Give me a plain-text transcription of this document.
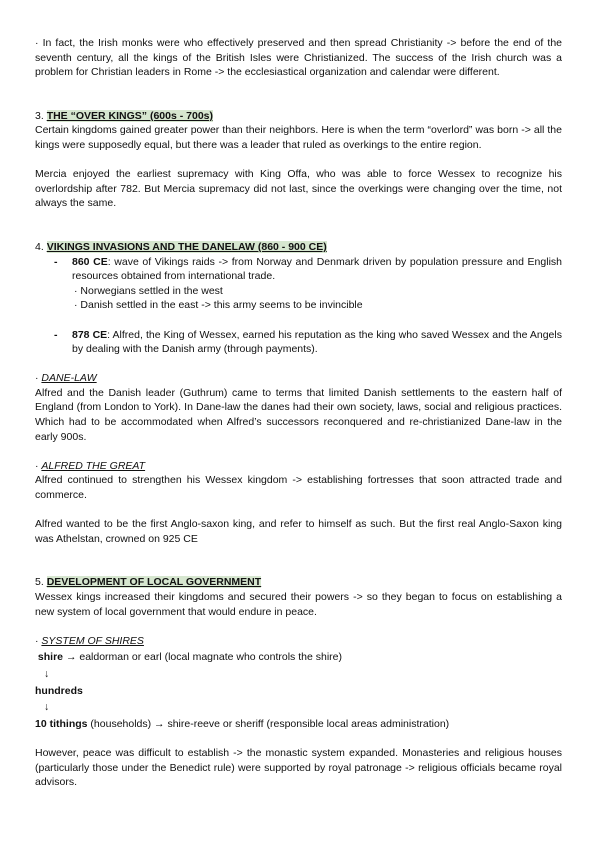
· In fact, the Irish monks were who effectively preserved and then spread Christianity -> before the end of the seventh century, all the kings of the British Isles were Christianized. The success of the Irish church was a problem for Christian leaders in Rome -> the ecclesiastical organization and calendar were different.

3. THE “OVER KINGS” (600s - 700s)

Certain kingdoms gained greater power than their neighbors. Here is when the term “overlord” was born -> all the kings were supposedly equal, but there was a leader that ruled as overkings to the entire region.

Mercia enjoyed the earliest supremacy with King Offa, who was able to force Wessex to recognize his overlordship after 782. But Mercia supremacy did not last, since the overkings were changing over the time, not always the same.

4. VIKINGS INVASIONS AND THE DANELAW (860 - 900 CE)
- 860 CE: wave of Vikings raids -> from Norway and Denmark driven by population pressure and English resources obtained from international trade.
· Norwegians settled in the west
· Danish settled in the east -> this army seems to be invincible
- 878 CE: Alfred, the King of Wessex, earned his reputation as the king who saved Wessex and the Angels by dealing with the Danish army (through payments).
· DANE-LAW

Alfred and the Danish leader (Guthrum) came to terms that limited Danish settlements to the eastern half of England (from London to York). In Dane-law the danes had their own society, laws, social and religious practices. Which had to be accommodated when Alfred’s successors reconquered and re-christianized Dane-law in the early 900s.

· ALFRED THE GREAT

Alfred continued to strengthen his Wessex kingdom -> establishing fortresses that soon attracted trade and commerce.

Alfred wanted to be the first Anglo-saxon king, and refer to himself as such. But the first real Anglo-Saxon king was Athelstan, crowned on 925 CE

5. DEVELOPMENT OF LOCAL GOVERNMENT

Wessex kings increased their kingdoms and secured their powers -> so they began to focus on establishing a new system of local government that would endure in peace.

· SYSTEM OF SHIRES
shire → ealdorman or earl (local magnate who controls the shire)
↓
hundreds
↓
10 tithings (households) → shire-reeve or sheriff (responsible local areas administration)

However, peace was difficult to establish -> the monastic system expanded. Monasteries and religious houses (particularly those under the Benedict rule) were supported by royal patronage -> religious officials became royal advisors.
